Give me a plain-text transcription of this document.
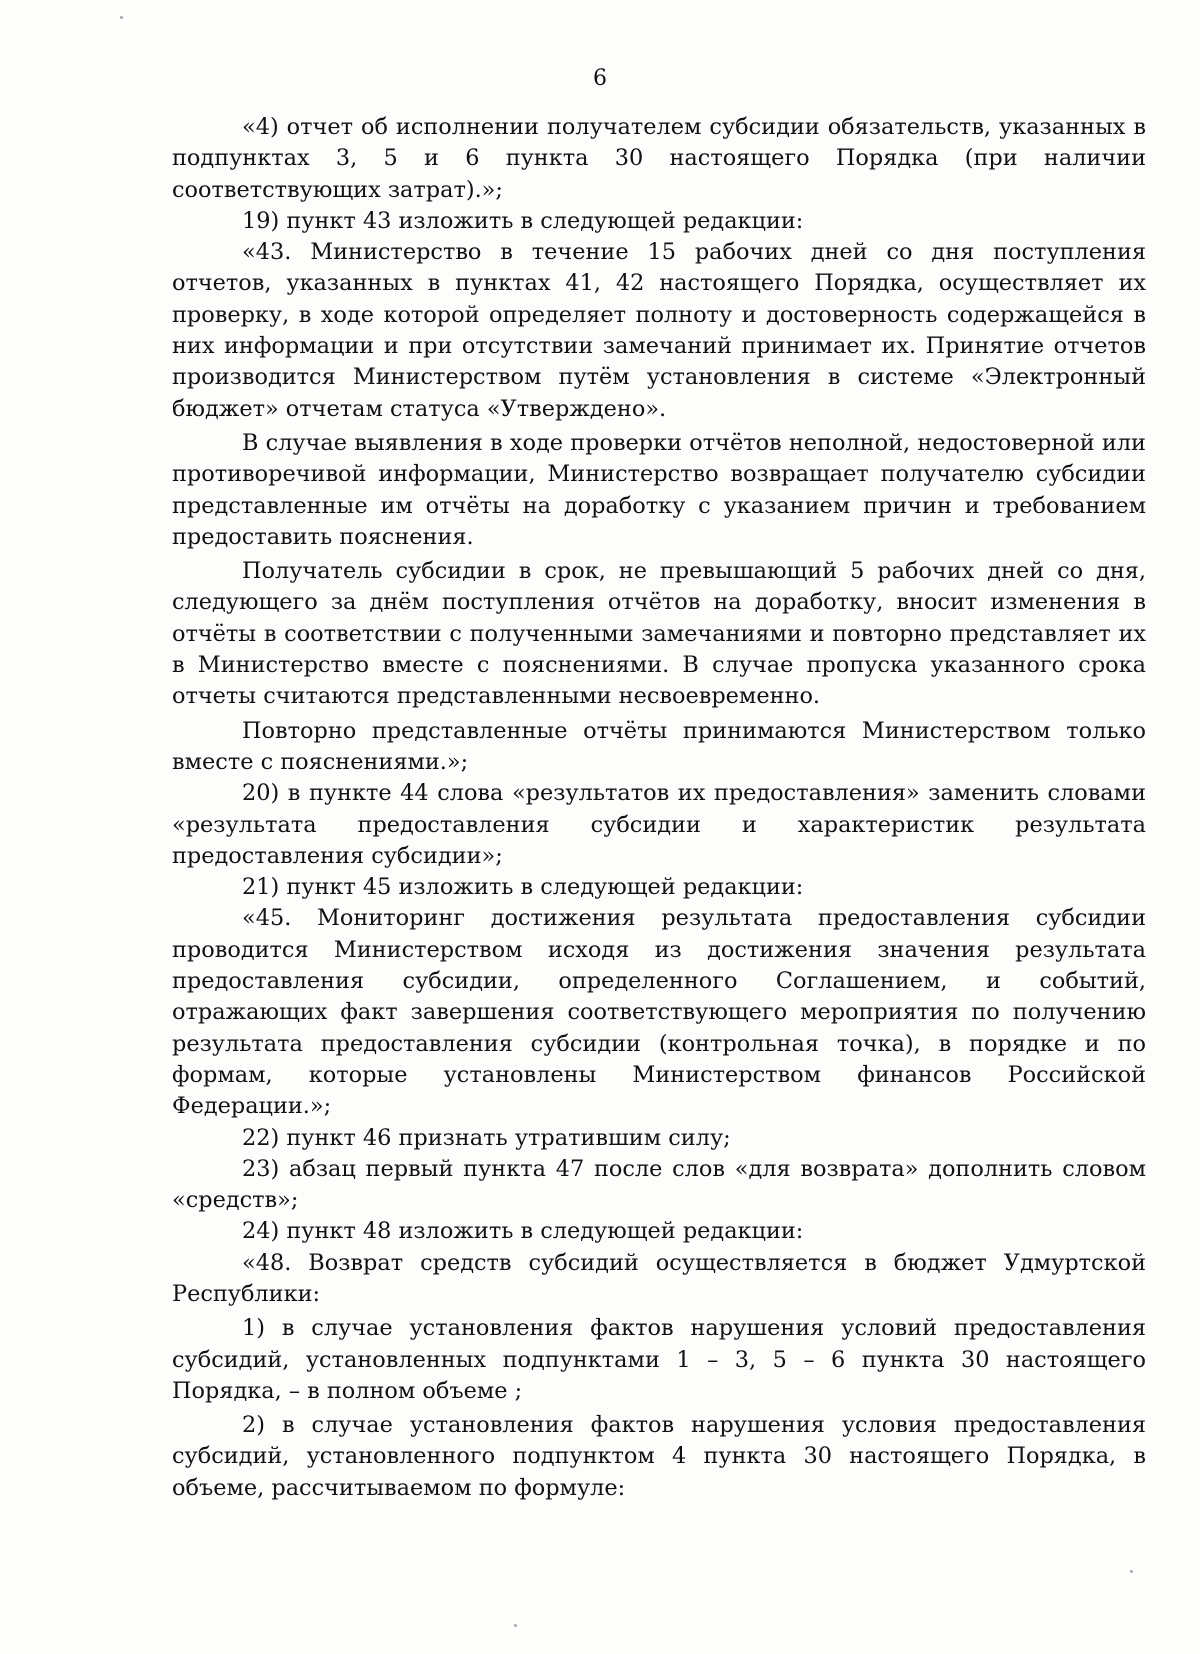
6

«4) отчет об исполнении получателем субсидии обязательств, указанных в подпунктах 3, 5 и 6 пункта 30 настоящего Порядка (при наличии соответствующих затрат).»;

19) пункт 43 изложить в следующей редакции:

«43. Министерство в течение 15 рабочих дней со дня поступления отчетов, указанных в пунктах 41, 42 настоящего Порядка, осуществляет их проверку, в ходе которой определяет полноту и достоверность содержащейся в них информации и при отсутствии замечаний принимает их. Принятие отчетов производится Министерством путём установления в системе «Электронный бюджет» отчетам статуса «Утверждено».

В случае выявления в ходе проверки отчётов неполной, недостоверной или противоречивой информации, Министерство возвращает получателю субсидии представленные им отчёты на доработку с указанием причин и требованием предоставить пояснения.

Получатель субсидии в срок, не превышающий 5 рабочих дней со дня, следующего за днём поступления отчётов на доработку, вносит изменения в отчёты в соответствии с полученными замечаниями и повторно представляет их в Министерство вместе с пояснениями. В случае пропуска указанного срока отчеты считаются представленными несвоевременно.

Повторно представленные отчёты принимаются Министерством только вместе с пояснениями.»;

20) в пункте 44 слова «результатов их предоставления» заменить словами «результата предоставления субсидии и характеристик результата предоставления субсидии»;

21) пункт 45 изложить в следующей редакции:

«45. Мониторинг достижения результата предоставления субсидии проводится Министерством исходя из достижения значения результата предоставления субсидии, определенного Соглашением, и событий, отражающих факт завершения соответствующего мероприятия по получению результата предоставления субсидии (контрольная точка), в порядке и по формам, которые установлены Министерством финансов Российской Федерации.»;

22) пункт 46 признать утратившим силу;

23) абзац первый пункта 47 после слов «для возврата» дополнить словом «средств»;

24) пункт 48 изложить в следующей редакции:

«48. Возврат средств субсидий осуществляется в бюджет Удмуртской Республики:

1) в случае установления фактов нарушения условий предоставления субсидий, установленных подпунктами 1 – 3, 5 – 6 пункта 30 настоящего Порядка, – в полном объеме ;

2) в случае установления фактов нарушения условия предоставления субсидий, установленного подпунктом 4 пункта 30 настоящего Порядка, в объеме, рассчитываемом по формуле:
